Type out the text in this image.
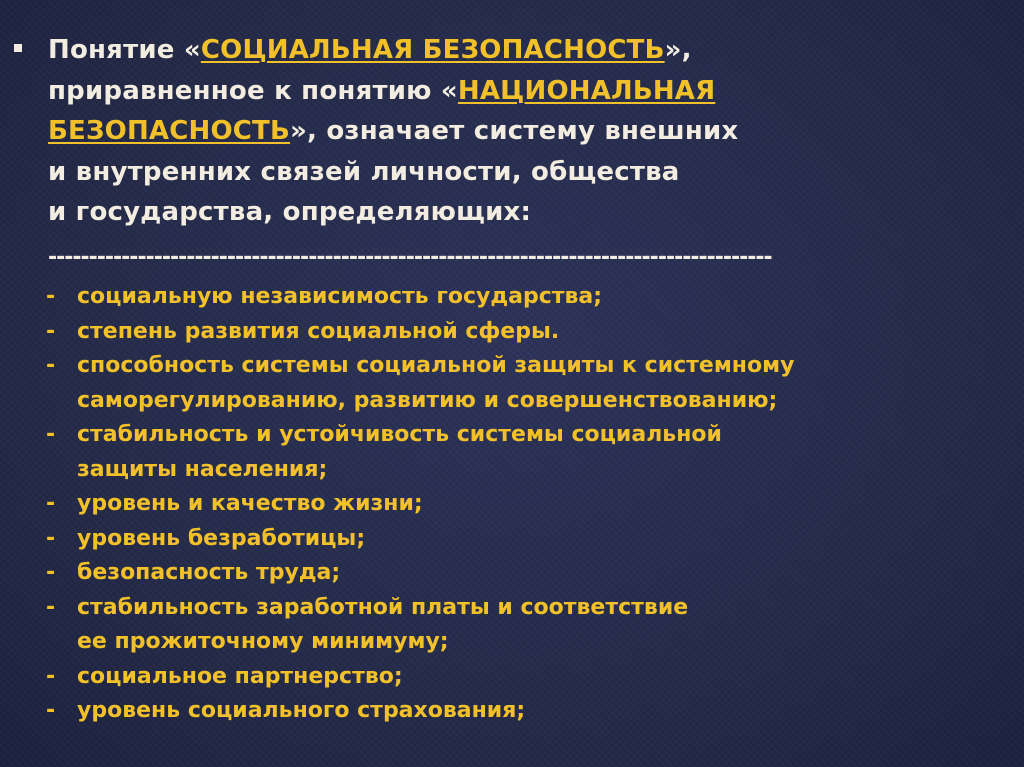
Понятие «СОЦИАЛЬНАЯ БЕЗОПАСНОСТЬ»,
приравненное к понятию «НАЦИОНАЛЬНАЯ
БЕЗОПАСНОСТЬ», означает систему внешних
и внутренних связей личности, общества
и государства, определяющих:
-----------------------------------------------------------------------------------------
- социальную независимость государства;
- степень развития социальной сферы.
- способность системы социальной защиты к системному
саморегулированию, развитию и совершенствованию;
- стабильность и устойчивость системы социальной
защиты населения;
- уровень и качество жизни;
- уровень безработицы;
- безопасность труда;
- стабильность заработной платы и соответствие
ее прожиточному минимуму;
- социальное партнерство;
- уровень социального страхования;
